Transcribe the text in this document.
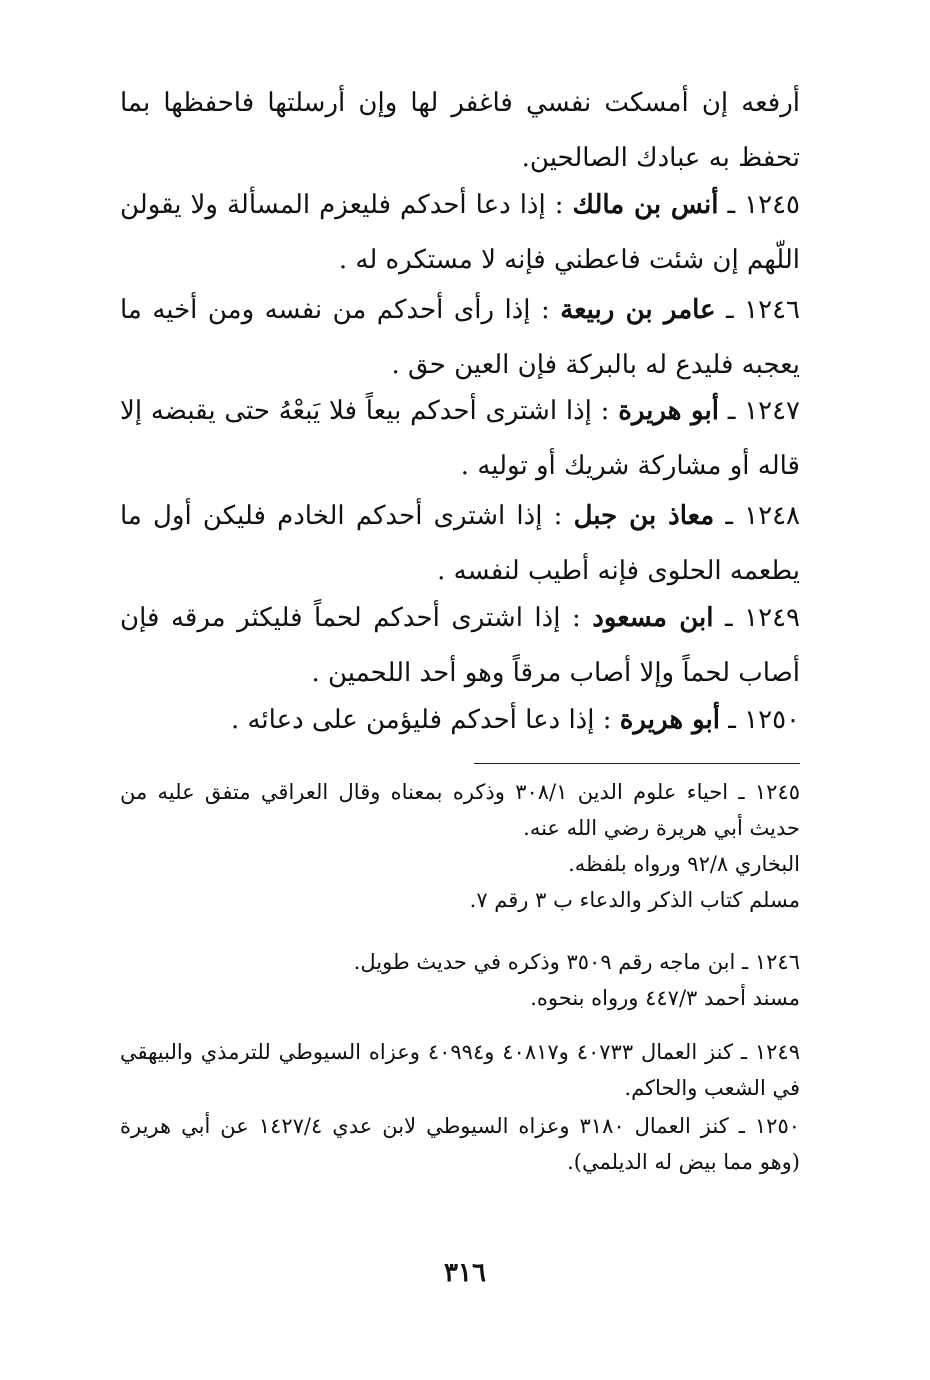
أرفعه إن أمسكت نفسي فاغفر لها وإن أرسلتها فاحفظها بما تحفظ به عبادك الصالحين.

١٢٤٥ ـ أنس بن مالك : إذا دعا أحدكم فليعزم المسألة ولا يقولن اللّهم إن شئت فاعطني فإنه لا مستكره له .

١٢٤٦ ـ عامر بن ربيعة : إذا رأى أحدكم من نفسه ومن أخيه ما يعجبه فليدع له بالبركة فإن العين حق .

١٢٤٧ ـ أبو هريرة : إذا اشترى أحدكم بيعاً فلا يَبعْهُ حتى يقبضه إلا قاله أو مشاركة شريك أو توليه .

١٢٤٨ ـ معاذ بن جبل : إذا اشترى أحدكم الخادم فليكن أول ما يطعمه الحلوى فإنه أطيب لنفسه .

١٢٤٩ ـ ابن مسعود : إذا اشترى أحدكم لحماً فليكثر مرقه فإن أصاب لحماً وإلا أصاب مرقاً وهو أحد اللحمين .

١٢٥٠ ـ أبو هريرة : إذا دعا أحدكم فليؤمن على دعائه .

١٢٤٥ ـ احياء علوم الدين ٣٠٨/١ وذكره بمعناه وقال العراقي متفق عليه من حديث أبي هريرة رضي الله عنه.

البخاري ٩٢/٨ ورواه بلفظه.

مسلم كتاب الذكر والدعاء ب ٣ رقم ٧.

١٢٤٦ ـ ابن ماجه رقم ٣٥٠٩ وذكره في حديث طويل.

مسند أحمد ٤٤٧/٣ ورواه بنحوه.

١٢٤٩ ـ كنز العمال ٤٠٧٣٣ و٤٠٨١٧ و٤٠٩٩٤ وعزاه السيوطي للترمذي والبيهقي في الشعب والحاكم.

١٢٥٠ ـ كنز العمال ٣١٨٠ وعزاه السيوطي لابن عدي ١٤٢٧/٤ عن أبي هريرة (وهو مما بيض له الديلمي).

٣١٦
